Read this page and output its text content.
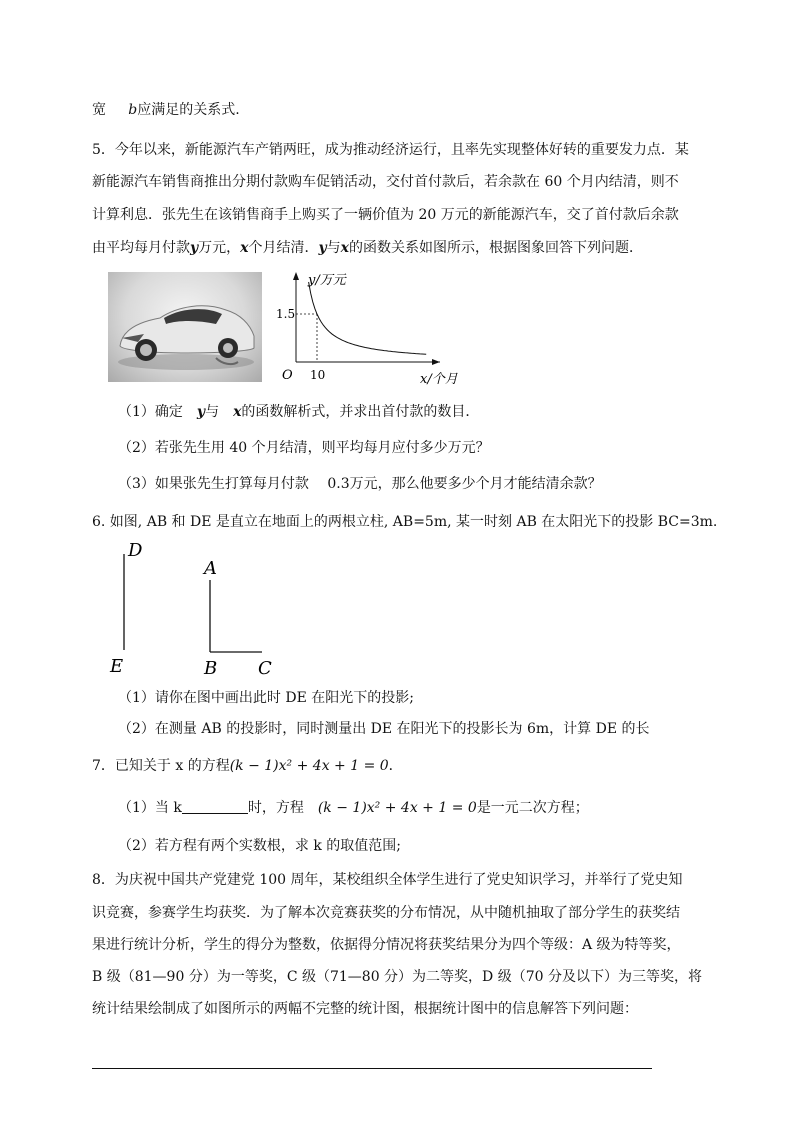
宽 b应满足的关系式.
5．今年以来，新能源汽车产销两旺，成为推动经济运行，且率先实现整体好转的重要发力点．某
新能源汽车销售商推出分期付款购车促销活动，交付首付款后，若余款在 60 个月内结清，则不
计算利息．张先生在该销售商手上购买了一辆价值为 20 万元的新能源汽车，交了首付款后余款
由平均每月付款y万元，x个月结清．y与x的函数关系如图所示，根据图象回答下列问题．
y/万元
1.5
O 10	x/个月
（1）确定　y与　x的函数解析式，并求出首付款的数目．
（2）若张先生用 40 个月结清，则平均每月应付多少万元？
（3）如果张先生打算每月付款　 0.3万元，那么他要多少个月才能结清余款？
6. 如图, AB 和 DE 是直立在地面上的两根立柱, AB=5m, 某一时刻 AB 在太阳光下的投影 BC=3m.
D
E
A
B C
（1）请你在图中画出此时 DE 在阳光下的投影;
（2）在测量 AB 的投影时，同时测量出 DE 在阳光下的投影长为 6m，计算 DE 的长
7．已知关于 x 的方程(k − 1)x² + 4x + 1 = 0．
（1）当 k	时，方程　(k − 1)x² + 4x + 1 = 0是一元二次方程；
（2）若方程有两个实数根，求 k 的取值范围;
8．为庆祝中国共产党建党 100 周年，某校组织全体学生进行了党史知识学习，并举行了党史知
识竞赛，参赛学生均获奖．为了解本次竞赛获奖的分布情况，从中随机抽取了部分学生的获奖结
果进行统计分析，学生的得分为整数，依据得分情况将获奖结果分为四个等级：A 级为特等奖，
B 级（81—90 分）为一等奖，C 级（71—80 分）为二等奖，D 级（70 分及以下）为三等奖，将
统计结果绘制成了如图所示的两幅不完整的统计图，根据统计图中的信息解答下列问题：
